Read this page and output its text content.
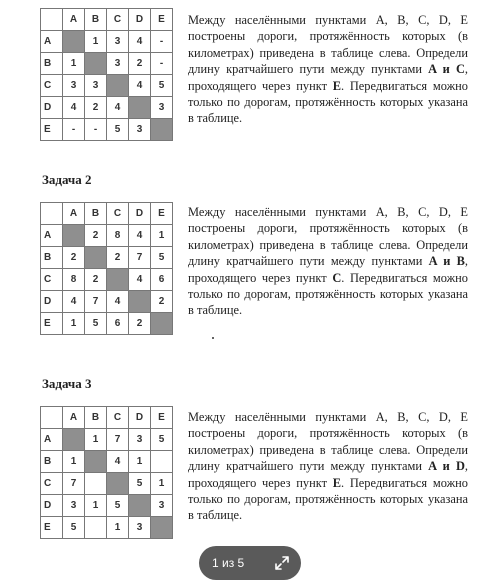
	A	B	C	D	E
A		1	3	4	-
B	1		3	2	-
C	3	3		4	5
D	4	2	4		3
E	-	-	5	3	
Между населёнными пунктами A, B, C, D, E построены дороги, протяжённость которых (в километрах) приведена в таблице слева. Определи длину кратчайшего пути между пунктами A и C, проходящего через пункт E. Передвигаться можно только по дорогам, протяжённость которых указана в таблице.
Задача 2
	A	B	C	D	E
A		2	8	4	1
B	2		2	7	5
C	8	2		4	6
D	4	7	4		2
E	1	5	6	2	
Между населёнными пунктами A, B, C, D, E построены дороги, протяжённость которых (в километрах) приведена в таблице слева. Определи длину кратчайшего пути между пунктами A и B, проходящего через пункт C. Передвигаться можно только по дорогам, протяжённость которых указана в таблице.
Задача 3
	A	B	C	D	E
A		1	7	3	5
B	1		4	1	
C	7			5	1
D	3	1	5		3
E	5		1	3	
Между населёнными пунктами A, B, C, D, E построены дороги, протяжённость которых (в километрах) приведена в таблице слева. Определи длину кратчайшего пути между пунктами A и D, проходящего через пункт E. Передвигаться можно только по дорогам, протяжённость которых указана в таблице.
1 из 5
